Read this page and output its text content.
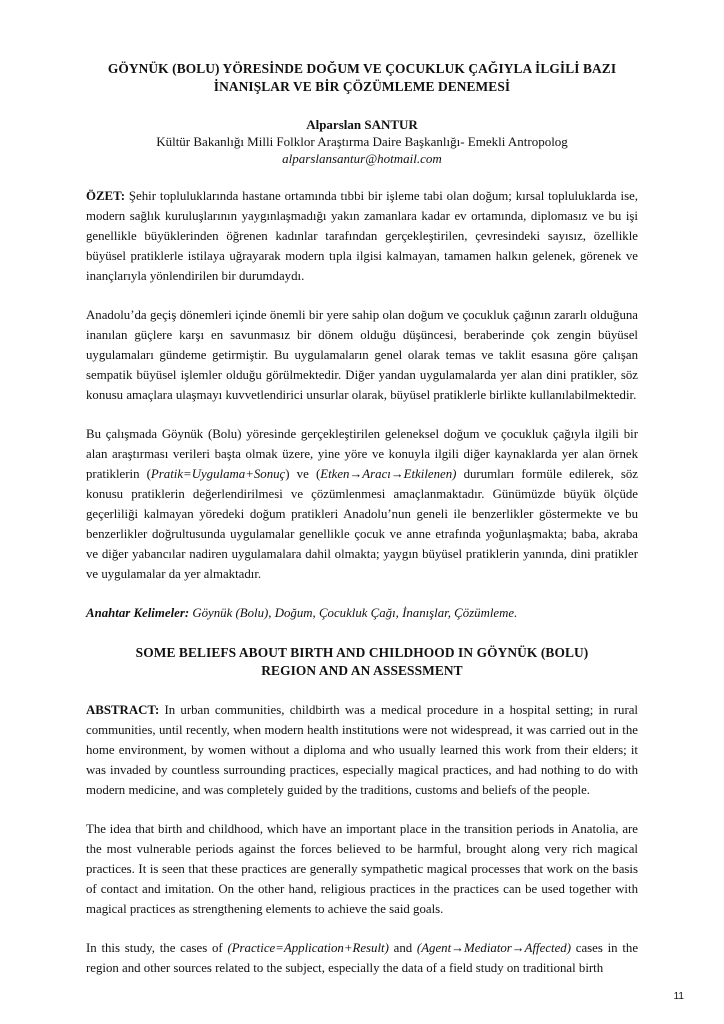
GÖYNÜK (BOLU) YÖRESİNDE DOĞUM VE ÇOCUKLUK ÇAĞIYLA İLGİLİ BAZI
İNANIŞLAR VE BİR ÇÖZÜMLEME DENEMESİ
Alparslan SANTUR
Kültür Bakanlığı Milli Folklor Araştırma Daire Başkanlığı- Emekli Antropolog
alparslansantur@hotmail.com

ÖZET: Şehir topluluklarında hastane ortamında tıbbi bir işleme tabi olan doğum; kırsal topluluklarda ise, modern sağlık kuruluşlarının yaygınlaşmadığı yakın zamanlara kadar ev ortamında, diplomasız ve bu işi genellikle büyüklerinden öğrenen kadınlar tarafından gerçekleştirilen, çevresindeki sayısız, özellikle büyüsel pratiklerle istilaya uğrayarak modern tıpla ilgisi kalmayan, tamamen halkın gelenek, görenek ve inançlarıyla yönlendirilen bir durumdaydı.

Anadolu’da geçiş dönemleri içinde önemli bir yere sahip olan doğum ve çocukluk çağının zararlı olduğuna inanılan güçlere karşı en savunmasız bir dönem olduğu düşüncesi, beraberinde çok zengin büyüsel uygulamaları gündeme getirmiştir. Bu uygulamaların genel olarak temas ve taklit esasına göre çalışan sempatik büyüsel işlemler olduğu görülmektedir. Diğer yandan uygulamalarda yer alan dini pratikler, söz konusu amaçlara ulaşmayı kuvvetlendirici unsurlar olarak, büyüsel pratiklerle birlikte kullanılabilmektedir.

Bu çalışmada Göynük (Bolu) yöresinde gerçekleştirilen geleneksel doğum ve çocukluk çağıyla ilgili bir alan araştırması verileri başta olmak üzere, yine yöre ve konuyla ilgili diğer kaynaklarda yer alan örnek pratiklerin (Pratik=Uygulama+Sonuç) ve (Etken→Aracı→Etkilenen) durumları formüle edilerek, söz konusu pratiklerin değerlendirilmesi ve çözümlenmesi amaçlanmaktadır. Günümüzde büyük ölçüde geçerliliği kalmayan yöredeki doğum pratikleri Anadolu’nun geneli ile benzerlikler göstermekte ve bu benzerlikler doğrultusunda uygulamalar genellikle çocuk ve anne etrafında yoğunlaşmakta; baba, akraba ve diğer yabancılar nadiren uygulamalara dahil olmakta; yaygın büyüsel pratiklerin yanında, dini pratikler ve uygulamalar da yer almaktadır.

Anahtar Kelimeler: Göynük (Bolu), Doğum, Çocukluk Çağı, İnanışlar, Çözümleme.

SOME BELIEFS ABOUT BIRTH AND CHILDHOOD IN GÖYNÜK (BOLU)
REGION AND AN ASSESSMENT

ABSTRACT: In urban communities, childbirth was a medical procedure in a hospital setting; in rural communities, until recently, when modern health institutions were not widespread, it was carried out in the home environment, by women without a diploma and who usually learned this work from their elders; it was invaded by countless surrounding practices, especially magical practices, and had nothing to do with modern medicine, and was completely guided by the traditions, customs and beliefs of the people.

The idea that birth and childhood, which have an important place in the transition periods in Anatolia, are the most vulnerable periods against the forces believed to be harmful, brought along very rich magical practices. It is seen that these practices are generally sympathetic magical processes that work on the basis of contact and imitation. On the other hand, religious practices in the practices can be used together with magical practices as strengthening elements to achieve the said goals.

In this study, the cases of (Practice=Application+Result) and (Agent→Mediator→Affected) cases in the region and other sources related to the subject, especially the data of a field study on traditional birth

11
